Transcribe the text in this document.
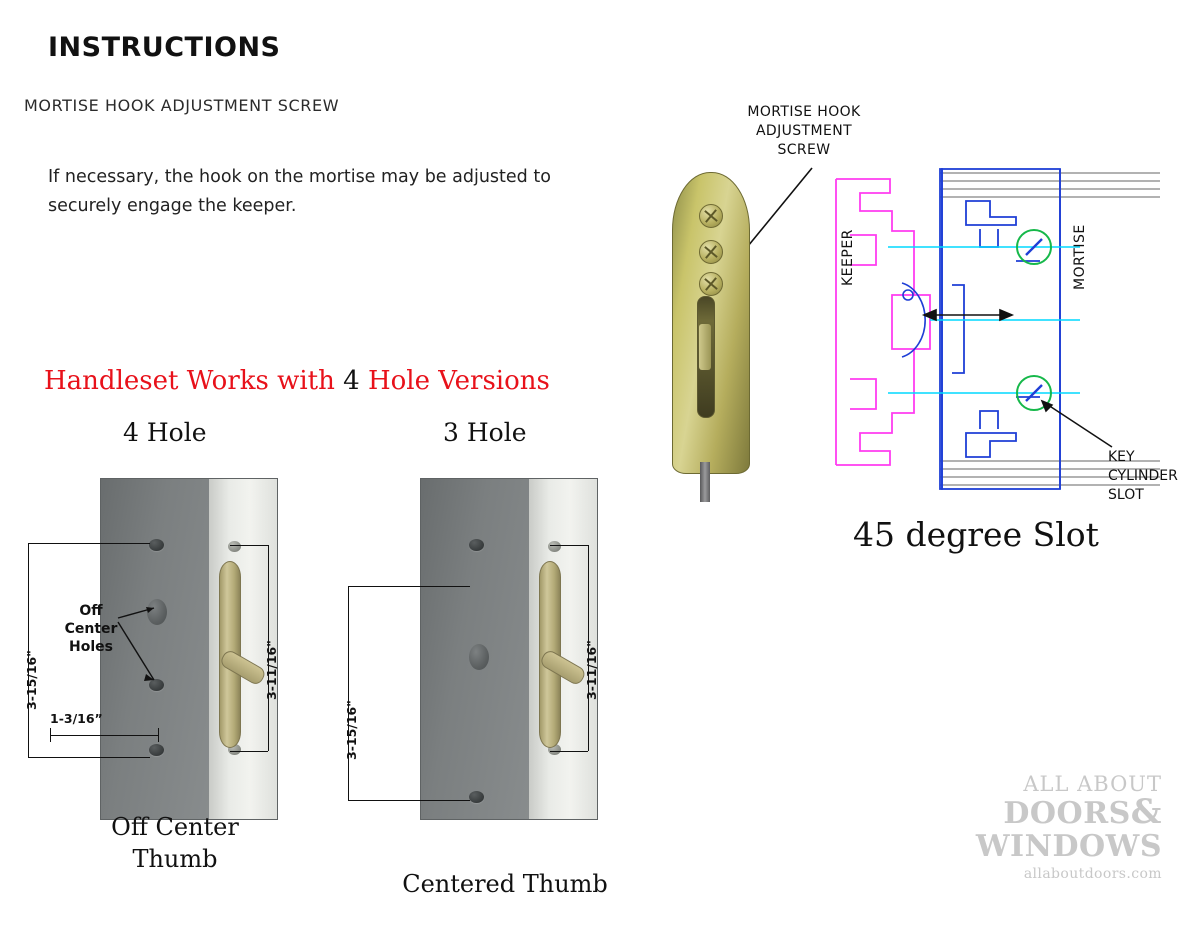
INSTRUCTIONS
MORTISE HOOK ADJUSTMENT SCREW
If necessary, the hook on the mortise may be adjusted to securely engage the keeper.
Handleset Works with 4 Hole Versions
4 Hole
3-15/16"
1-3/16”
Off
Center
Holes	3-11/16"
Off Center
Thumb
3 Hole
3-15/16"
3-11/16"
Centered Thumb
MORTISE HOOK
ADJUSTMENT
SCREW
KEEPER	MORTISE
KEY
CYLINDER
SLOT
45 degree Slot
ALL ABOUT
DOORS&
WINDOWS
allaboutdoors.com
